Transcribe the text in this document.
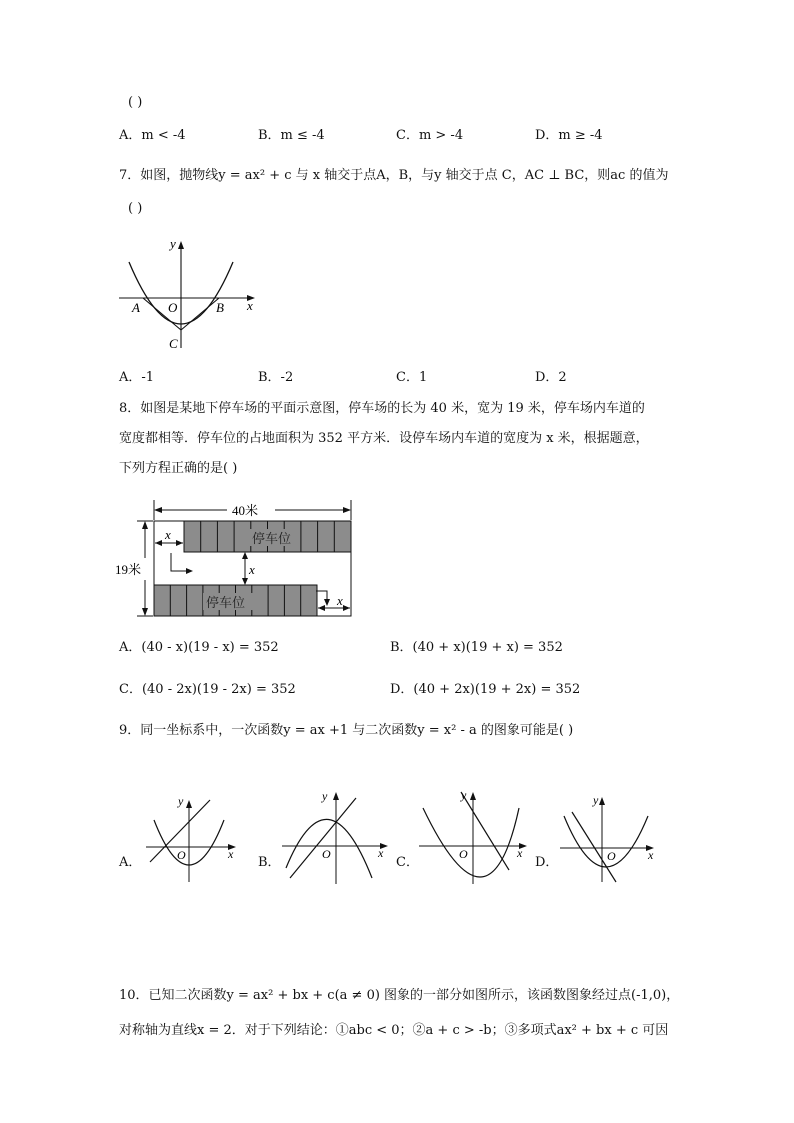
( )
A．m < -4	B．m ≤ -4	C．m > -4	D．m ≥ -4
7．如图，抛物线y = ax² + c 与 x 轴交于点A，B，与y 轴交于点 C，AC ⊥ BC，则ac 的值为
( )
y
x
A O	B
C
A．-1	B．-2	C．1	D．2
8．如图是某地下停车场的平面示意图，停车场的长为 40 米，宽为 19 米，停车场内车道的
宽度都相等．停车位的占地面积为 352 平方米．设停车场内车道的宽度为 x 米，根据题意，
下列方程正确的是( )
40米
19米
停车位
停车位
x
x
x
A．(40 - x)(19 - x) = 352	B．(40 + x)(19 + x) = 352
C．(40 - 2x)(19 - 2x) = 352	D．(40 + 2x)(19 + 2x) = 352
9．同一坐标系中，一次函数y = ax +1 与二次函数y = x² - a 的图象可能是( )
A．	B．	C．	D．
y
x
O
y
x
O
y
x
O
y
x
O
10．已知二次函数y = ax² + bx + c(a ≠ 0) 图象的一部分如图所示，该函数图象经过点(-1,0)，
对称轴为直线x = 2．对于下列结论：①abc < 0；②a + c > -b；③多项式ax² + bx + c 可因
